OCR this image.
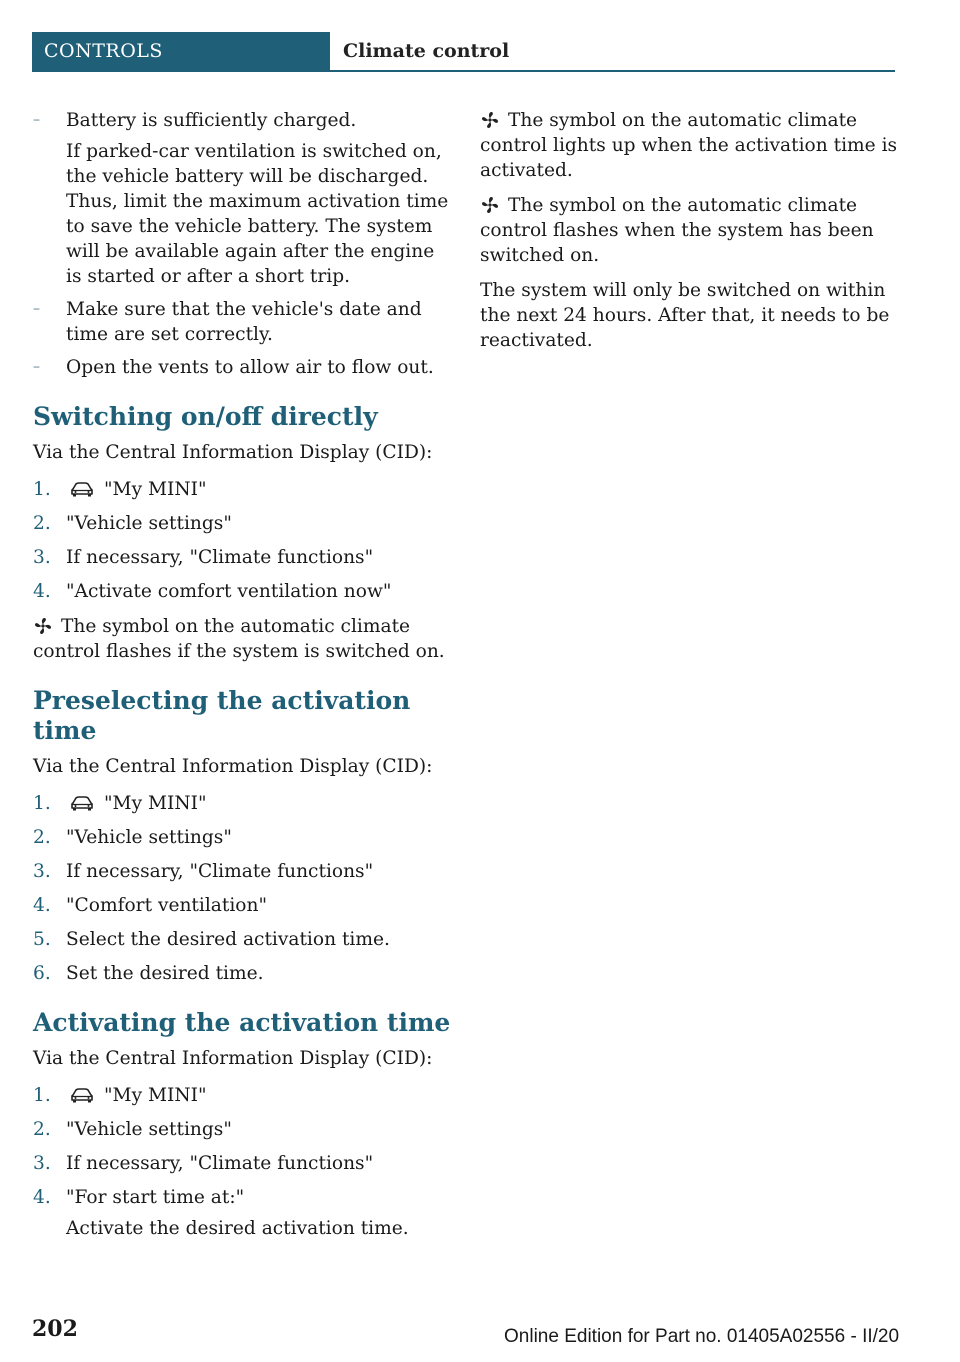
CONTROLS	Climate control
–	Battery is sufficiently charged.
If parked-car ventilation is switched on, the vehicle battery will be discharged. Thus, limit the maximum activation time to save the vehicle battery. The system will be available again after the engine is started or after a short trip.
–	Make sure that the vehicle's date and time are set correctly.
–	Open the vents to allow air to flow out.
Switching on/off directly
Via the Central Information Display (CID):
1.	"My MINI"
2. "Vehicle settings"
3. If necessary, "Climate functions"
4. "Activate comfort ventilation now"
The symbol on the automatic climate control flashes if the system is switched on.
Preselecting the activation time
Via the Central Information Display (CID):
1.	"My MINI"
2. "Vehicle settings"
3. If necessary, "Climate functions"
4. "Comfort ventilation"
5. Select the desired activation time.
6. Set the desired time.
Activating the activation time
Via the Central Information Display (CID):
1.	"My MINI"
2. "Vehicle settings"
3. If necessary, "Climate functions"
4. "For start time at:"
Activate the desired activation time.
The symbol on the automatic climate control lights up when the activation time is activated.
The symbol on the automatic climate control flashes when the system has been switched on.
The system will only be switched on within the next 24 hours. After that, it needs to be reactivated.
202	Online Edition for Part no. 01405A02556 - II/20
